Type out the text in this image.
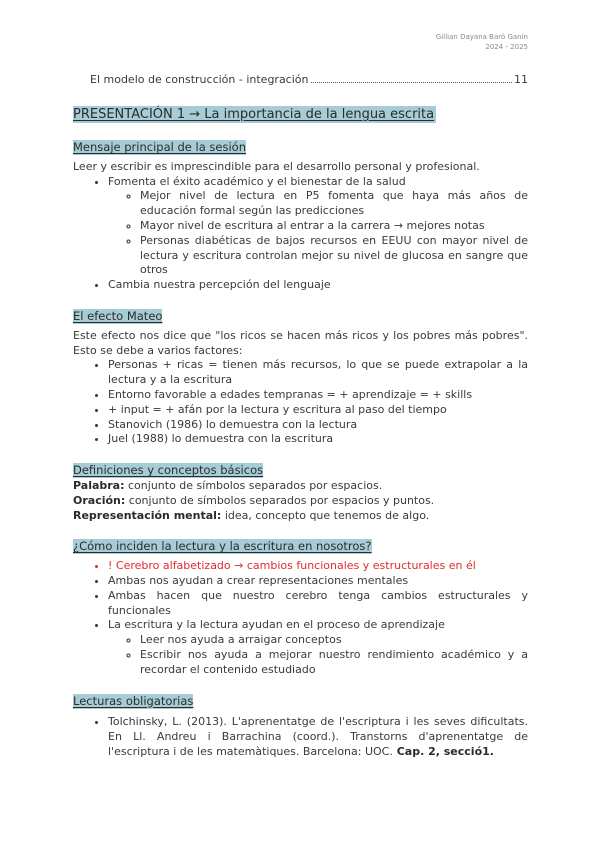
Gillian Dayana Baró Ganín
2024 - 2025
El modelo de construcción - integración	11
PRESENTACIÓN 1 → La importancia de la lengua escrita
Mensaje principal de la sesión

Leer y escribir es imprescindible para el desarrollo personal y profesional.

• Fomenta el éxito académico y el bienestar de la salud
◦ Mejor nivel de lectura en P5 fomenta que haya más años de educación formal según las predicciones
◦ Mayor nivel de escritura al entrar a la carrera → mejores notas
◦ Personas diabéticas de bajos recursos en EEUU con mayor nivel de lectura y escritura controlan mejor su nivel de glucosa en sangre que otros
• Cambia nuestra percepción del lenguaje
El efecto Mateo

Este efecto nos dice que "los ricos se hacen más ricos y los pobres más pobres". Esto se debe a varios factores:

• Personas + ricas = tienen más recursos, lo que se puede extrapolar a la lectura y a la escritura
• Entorno favorable a edades tempranas = + aprendizaje = + skills
• + input = + afán por la lectura y escritura al paso del tiempo
• Stanovich (1986) lo demuestra con la lectura
• Juel (1988) lo demuestra con la escritura
Definiciones y conceptos básicos

Palabra: conjunto de símbolos separados por espacios.

Oración: conjunto de símbolos separados por espacios y puntos.

Representación mental: idea, concepto que tenemos de algo.

¿Cómo inciden la lectura y la escritura en nosotros?
• ! Cerebro alfabetizado → cambios funcionales y estructurales en él
• Ambas nos ayudan a crear representaciones mentales
• Ambas hacen que nuestro cerebro tenga cambios estructurales y funcionales
• La escritura y la lectura ayudan en el proceso de aprendizaje
◦ Leer nos ayuda a arraigar conceptos
◦ Escribir nos ayuda a mejorar nuestro rendimiento académico y a recordar el contenido estudiado
Lecturas obligatorias
• Tolchinsky, L. (2013). L'aprenentatge de l'escriptura i les seves dificultats. En Ll. Andreu i Barrachina (coord.). Transtorns d'aprenentatge de l'escriptura i de les matemàtiques. Barcelona: UOC. Cap. 2, secció1.
